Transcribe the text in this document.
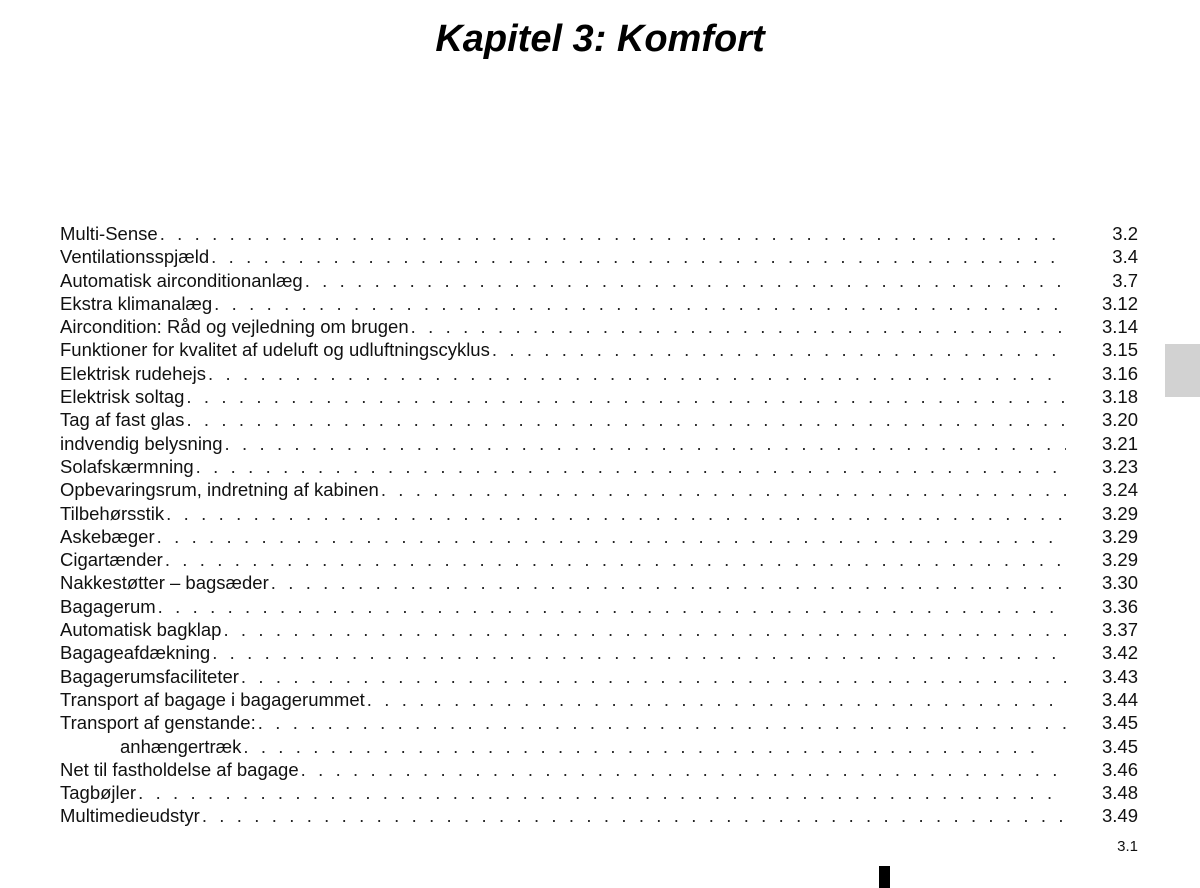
Kapitel 3: Komfort
Multi-Sense . . .	3.2
Ventilationsspjæld . . .	3.4
Automatisk airconditionanlæg . . .	3.7
Ekstra klimanalæg . . .	3.12
Aircondition: Råd og vejledning om brugen . . .	3.14
Funktioner for kvalitet af udeluft og udluftningscyklus . . .	3.15
Elektrisk rudehejs . . .	3.16
Elektrisk soltag . . .	3.18
Tag af fast glas . . .	3.20
indvendig belysning . . .	3.21
Solafskærmning . . .	3.23
Opbevaringsrum, indretning af kabinen . . .	3.24
Tilbehørsstik . . .	3.29
Askebæger . . .	3.29
Cigartænder . . .	3.29
Nakkestøtter – bagsæder . . .	3.30
Bagagerum . . .	3.36
Automatisk bagklap . . .	3.37
Bagageafdækning . . .	3.42
Bagagerumsfaciliteter . . .	3.43
Transport af bagage i bagagerummet . . .	3.44
Transport af genstande: . . .	3.45
anhængertræk . . .	3.45
Net til fastholdelse af bagage . . .	3.46
Tagbøjler . . .	3.48
Multimedieudstyr . . .	3.49
3.1
